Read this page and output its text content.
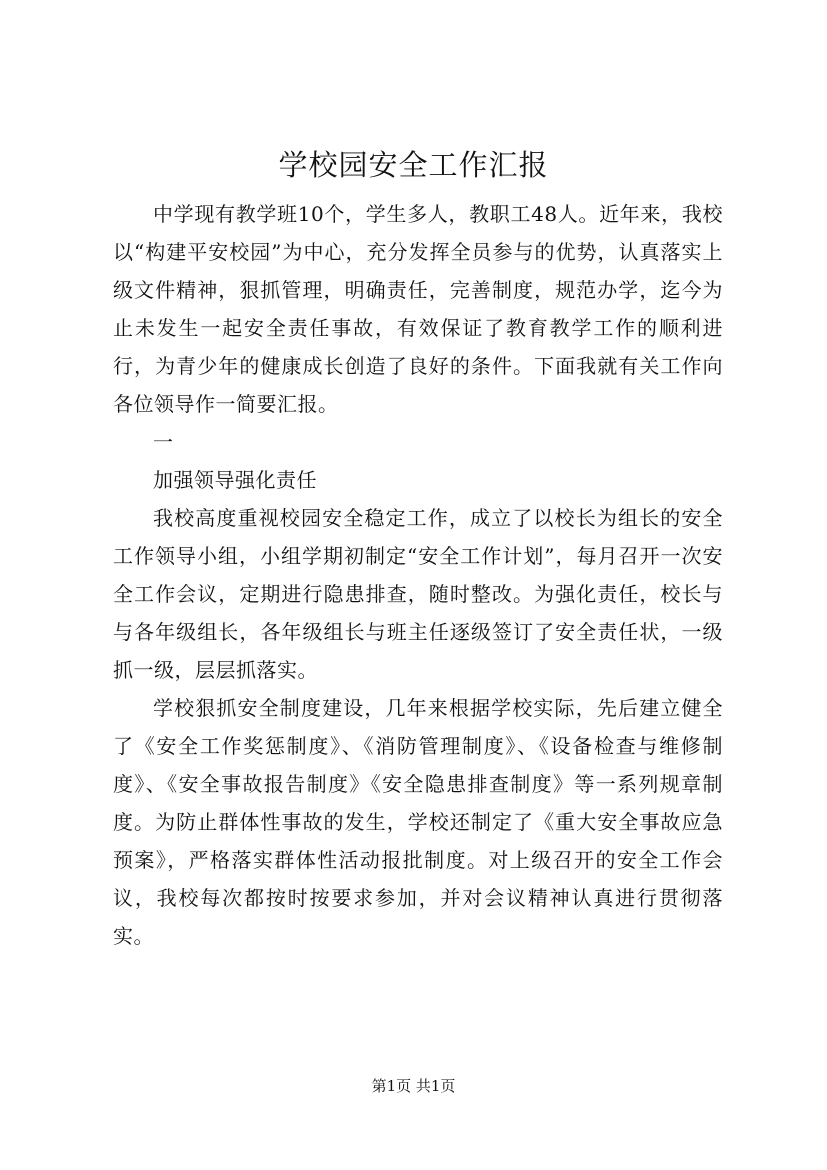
学校园安全工作汇报

中学现有教学班10个，学生多人，教职工48人。近年来，我校以“构建平安校园”为中心，充分发挥全员参与的优势，认真落实上级文件精神，狠抓管理，明确责任，完善制度，规范办学，迄今为止未发生一起安全责任事故，有效保证了教育教学工作的顺利进行，为青少年的健康成长创造了良好的条件。下面我就有关工作向各位领导作一简要汇报。

一

加强领导强化责任

我校高度重视校园安全稳定工作，成立了以校长为组长的安全工作领导小组，小组学期初制定“安全工作计划”，每月召开一次安全工作会议，定期进行隐患排查，随时整改。为强化责任，校长与与各年级组长，各年级组长与班主任逐级签订了安全责任状，一级抓一级，层层抓落实。

学校狠抓安全制度建设，几年来根据学校实际，先后建立健全了《安全工作奖惩制度》、《消防管理制度》、《设备检查与维修制度》、《安全事故报告制度》《安全隐患排查制度》等一系列规章制度。为防止群体性事故的发生，学校还制定了《重大安全事故应急预案》，严格落实群体性活动报批制度。对上级召开的安全工作会议，我校每次都按时按要求参加，并对会议精神认真进行贯彻落实。

第1页 共1页
